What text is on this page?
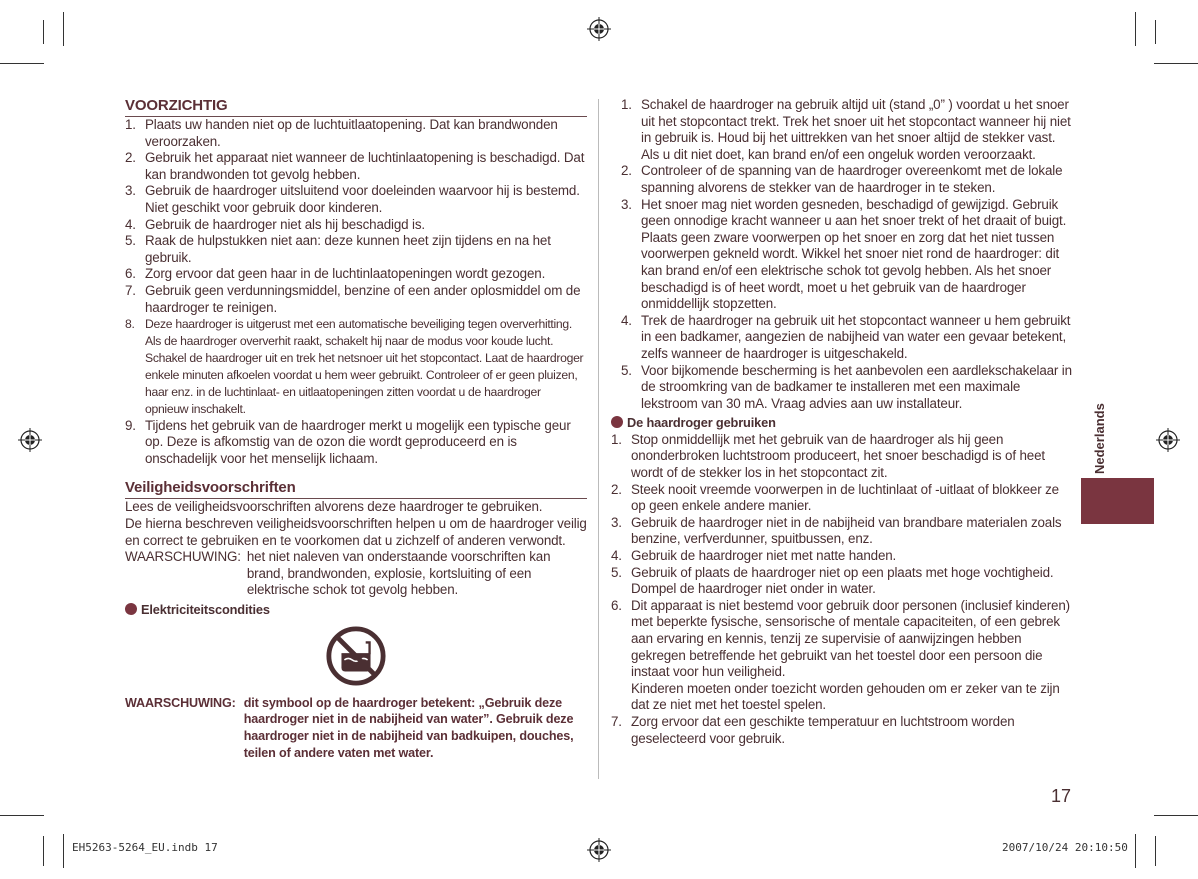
VOORZICHTIG
1. Plaats uw handen niet op de luchtuitlaatopening. Dat kan brandwonden veroorzaken.
2. Gebruik het apparaat niet wanneer de luchtinlaatopening is beschadigd. Dat kan brandwonden tot gevolg hebben.
3. Gebruik de haardroger uitsluitend voor doeleinden waarvoor hij is bestemd. Niet geschikt voor gebruik door kinderen.
4. Gebruik de haardroger niet als hij beschadigd is.
5. Raak de hulpstukken niet aan: deze kunnen heet zijn tijdens en na het gebruik.
6. Zorg ervoor dat geen haar in de luchtinlaatopeningen wordt gezogen.
7. Gebruik geen verdunningsmiddel, benzine of een ander oplosmiddel om de haardroger te reinigen.
8. Deze haardroger is uitgerust met een automatische beveiliging tegen oververhitting. Als de haardroger oververhit raakt, schakelt hij naar de modus voor koude lucht. Schakel de haardroger uit en trek het netsnoer uit het stopcontact. Laat de haardroger enkele minuten afkoelen voordat u hem weer gebruikt. Controleer of er geen pluizen, haar enz. in de luchtinlaat- en uitlaatopeningen zitten voordat u de haardroger opnieuw inschakelt.
9. Tijdens het gebruik van de haardroger merkt u mogelijk een typische geur op. Deze is afkomstig van de ozon die wordt geproduceerd en is onschadelijk voor het menselijk lichaam.
Veiligheidsvoorschriften
Lees de veiligheidsvoorschriften alvorens deze haardroger te gebruiken.
De hierna beschreven veiligheidsvoorschriften helpen u om de haardroger veilig en correct te gebruiken en te voorkomen dat u zichzelf of anderen verwondt.
WAARSCHUWING: het niet naleven van onderstaande voorschriften kan brand, brandwonden, explosie, kortsluiting of een elektrische schok tot gevolg hebben.
Elektriciteitscondities
WAARSCHUWING: dit symbool op de haardroger betekent: „Gebruik deze haardroger niet in de nabijheid van water”. Gebruik deze haardroger niet in de nabijheid van badkuipen, douches, teilen of andere vaten met water.
1. Schakel de haardroger na gebruik altijd uit (stand „0” ) voordat u het snoer uit het stopcontact trekt. Trek het snoer uit het stopcontact wanneer hij niet in gebruik is. Houd bij het uittrekken van het snoer altijd de stekker vast. Als u dit niet doet, kan brand en/of een ongeluk worden veroorzaakt.
2. Controleer of de spanning van de haardroger overeenkomt met de lokale spanning alvorens de stekker van de haardroger in te steken.
3. Het snoer mag niet worden gesneden, beschadigd of gewijzigd. Gebruik geen onnodige kracht wanneer u aan het snoer trekt of het draait of buigt. Plaats geen zware voorwerpen op het snoer en zorg dat het niet tussen voorwerpen gekneld wordt. Wikkel het snoer niet rond de haardroger: dit kan brand en/of een elektrische schok tot gevolg hebben. Als het snoer beschadigd is of heet wordt, moet u het gebruik van de haardroger onmiddellijk stopzetten.
4. Trek de haardroger na gebruik uit het stopcontact wanneer u hem gebruikt in een badkamer, aangezien de nabijheid van water een gevaar betekent, zelfs wanneer de haardroger is uitgeschakeld.
5. Voor bijkomende bescherming is het aanbevolen een aardlekschakelaar in de stroomkring van de badkamer te installeren met een maximale lekstroom van 30 mA. Vraag advies aan uw installateur.
De haardroger gebruiken
1. Stop onmiddellijk met het gebruik van de haardroger als hij geen ononderbroken luchtstroom produceert, het snoer beschadigd is of heet wordt of de stekker los in het stopcontact zit.
2. Steek nooit vreemde voorwerpen in de luchtinlaat of -uitlaat of blokkeer ze op geen enkele andere manier.
3. Gebruik de haardroger niet in de nabijheid van brandbare materialen zoals benzine, verfverdunner, spuitbussen, enz.
4. Gebruik de haardroger niet met natte handen.
5. Gebruik of plaats de haardroger niet op een plaats met hoge vochtigheid. Dompel de haardroger niet onder in water.
6. Dit apparaat is niet bestemd voor gebruik door personen (inclusief kinderen) met beperkte fysische, sensorische of mentale capaciteiten, of een gebrek aan ervaring en kennis, tenzij ze supervisie of aanwijzingen hebben gekregen betreffende het gebruikt van het toestel door een persoon die instaat voor hun veiligheid.
Kinderen moeten onder toezicht worden gehouden om er zeker van te zijn dat ze niet met het toestel spelen.
7. Zorg ervoor dat een geschikte temperatuur en luchtstroom worden geselecteerd voor gebruik.
Nederlands
17
EH5263-5264_EU.indb 17	2007/10/24 20:10:50
